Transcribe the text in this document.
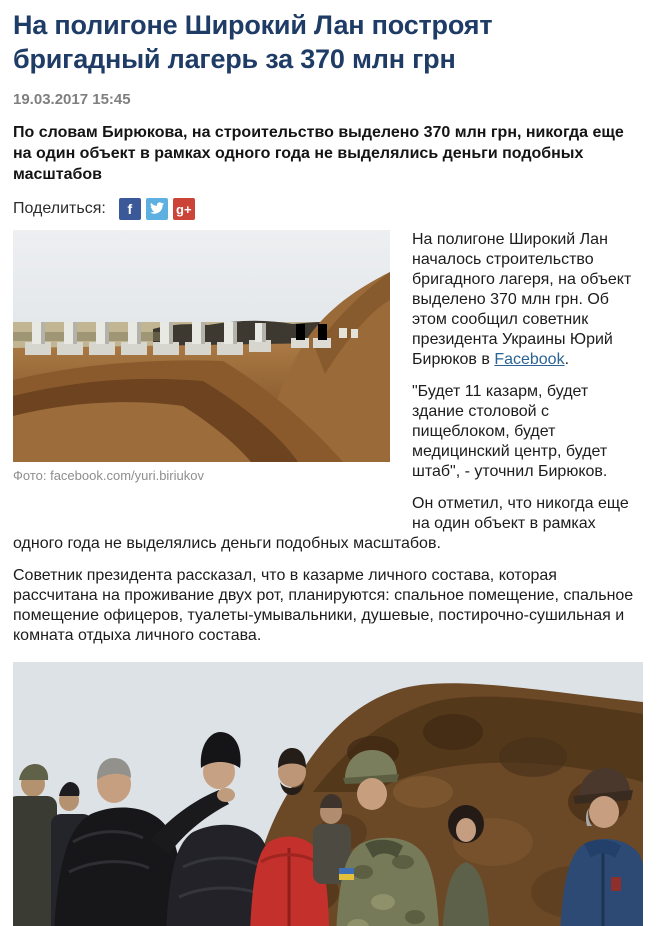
На полигоне Широкий Лан построят бригадный лагерь за 370 млн грн
19.03.2017 15:45

По словам Бирюкова, на строительство выделено 370 млн грн, никогда еще на один объект в рамках одного года не выделялись деньги подобных масштабов

Поделиться: f	g+
Фото: facebook.com/yuri.biriukov

На полигоне Широкий Лан началось строительство бригадного лагеря, на объект выделено 370 млн грн. Об этом сообщил советник президента Украины Юрий Бирюков в Facebook.

"Будет 11 казарм, будет здание столовой с пищеблоком, будет медицинский центр, будет штаб", - уточнил Бирюков.

Он отметил, что никогда еще на один объект в рамках одного года не выделялись деньги подобных масштабов.

Советник президента рассказал, что в казарме личного состава, которая рассчитана на проживание двух рот, планируются: спальное помещение, спальное помещение офицеров, туалеты-умывальники, душевые, постирочно-сушильная и комната отдыха личного состава.
